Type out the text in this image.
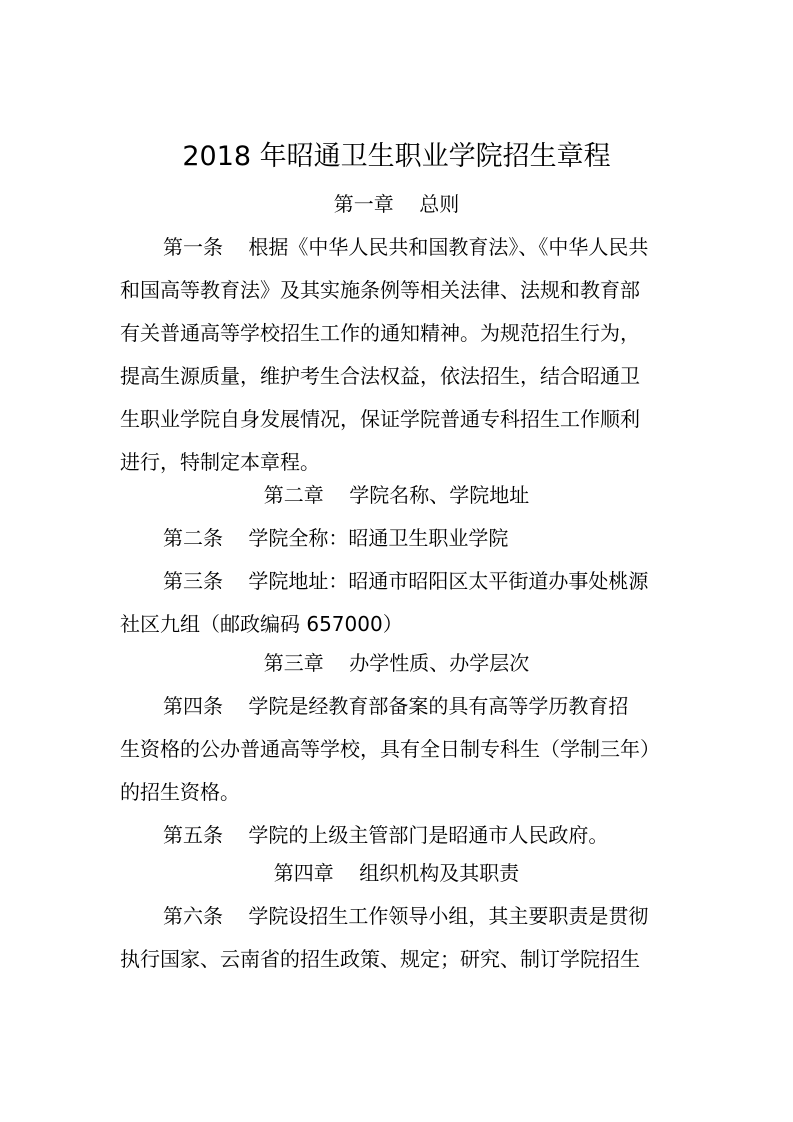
2018 年昭通卫生职业学院招生章程

第一章    总则

第一条    根据《中华人民共和国教育法》、《中华人民共

和国高等教育法》及其实施条例等相关法律、法规和教育部

有关普通高等学校招生工作的通知精神。为规范招生行为，

提高生源质量，维护考生合法权益，依法招生，结合昭通卫

生职业学院自身发展情况，保证学院普通专科招生工作顺利

进行，特制定本章程。

第二章    学院名称、学院地址

第二条    学院全称：昭通卫生职业学院

第三条    学院地址：昭通市昭阳区太平街道办事处桃源

社区九组（邮政编码 657000）

第三章    办学性质、办学层次

第四条    学院是经教育部备案的具有高等学历教育招

生资格的公办普通高等学校，具有全日制专科生（学制三年）

的招生资格。

第五条    学院的上级主管部门是昭通市人民政府。

第四章    组织机构及其职责

第六条    学院设招生工作领导小组，其主要职责是贯彻

执行国家、云南省的招生政策、规定；研究、制订学院招生
